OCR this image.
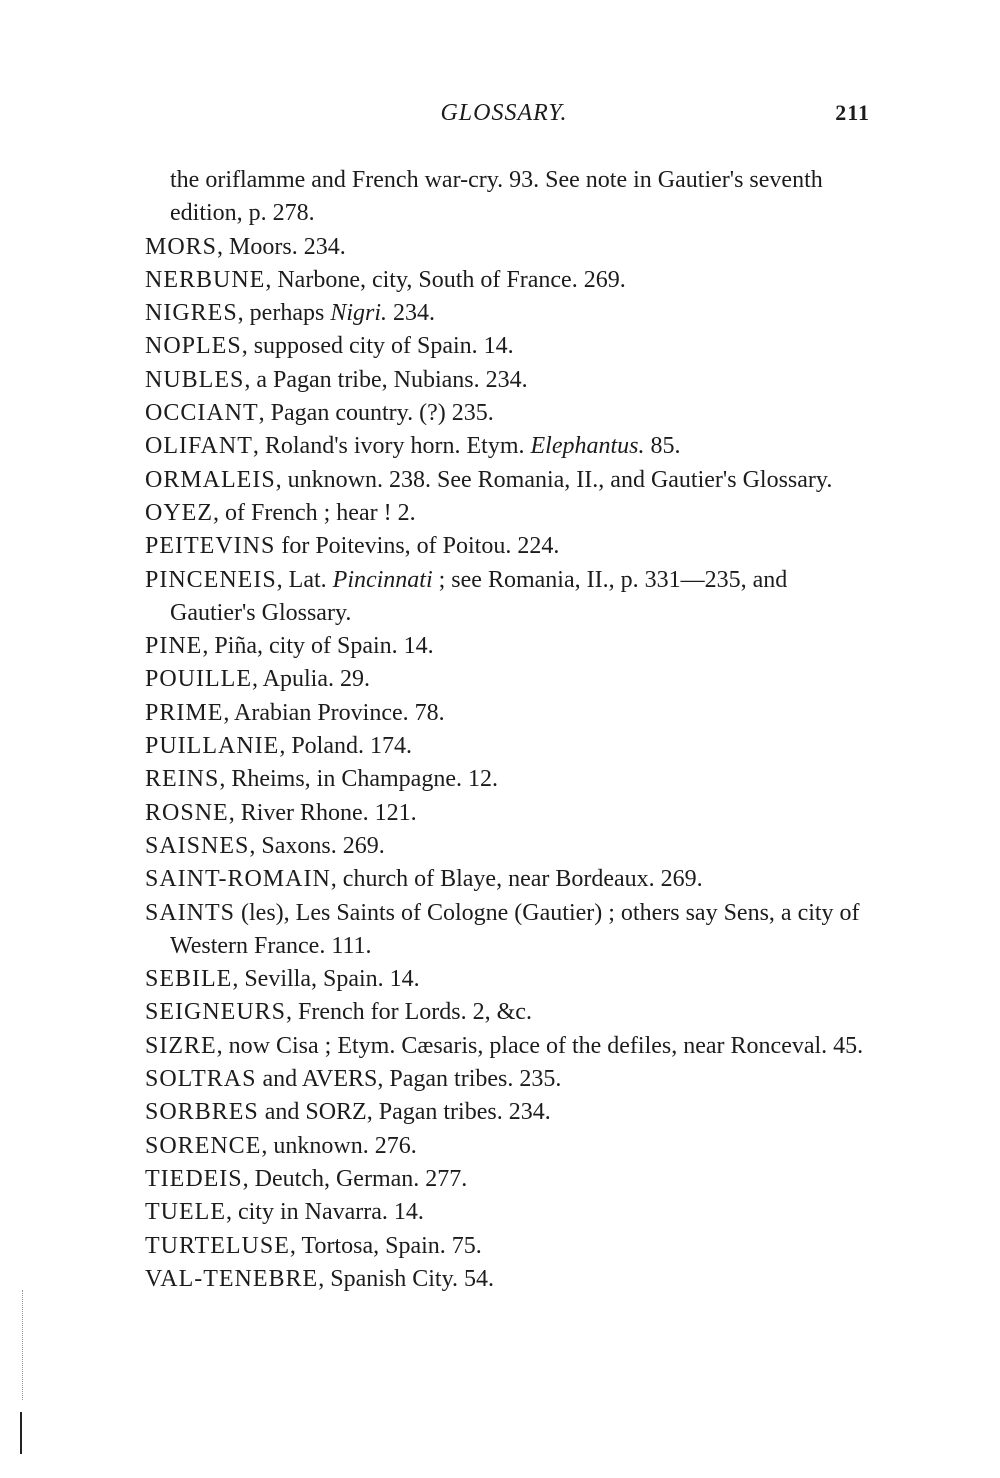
GLOSSARY.	211
the oriflamme and French war-cry. 93. See note in Gautier's seventh edition, p. 278.
MORS, Moors. 234.
NERBUNE, Narbone, city, South of France. 269.
NIGRES, perhaps Nigri. 234.
NOPLES, supposed city of Spain. 14.
NUBLES, a Pagan tribe, Nubians. 234.
OCCIANT, Pagan country. (?) 235.
OLIFANT, Roland's ivory horn. Etym. Elephantus. 85.
ORMALEIS, unknown. 238. See Romania, II., and Gautier's Glossary.
OYEZ, of French ; hear ! 2.
PEITEVINS for Poitevins, of Poitou. 224.
PINCENEIS, Lat. Pincinnati ; see Romania, II., p. 331—235, and Gautier's Glossary.
PINE, Piña, city of Spain. 14.
POUILLE, Apulia. 29.
PRIME, Arabian Province. 78.
PUILLANIE, Poland. 174.
REINS, Rheims, in Champagne. 12.
ROSNE, River Rhone. 121.
SAISNES, Saxons. 269.
SAINT-ROMAIN, church of Blaye, near Bordeaux. 269.
SAINTS (les), Les Saints of Cologne (Gautier) ; others say Sens, a city of Western France. 111.
SEBILE, Sevilla, Spain. 14.
SEIGNEURS, French for Lords. 2, &c.
SIZRE, now Cisa ; Etym. Cæsaris, place of the defiles, near Ronceval. 45.
SOLTRAS and AVERS, Pagan tribes. 235.
SORBRES and SORZ, Pagan tribes. 234.
SORENCE, unknown. 276.
TIEDEIS, Deutch, German. 277.
TUELE, city in Navarra. 14.
TURTELUSE, Tortosa, Spain. 75.
VAL-TENEBRE, Spanish City. 54.
